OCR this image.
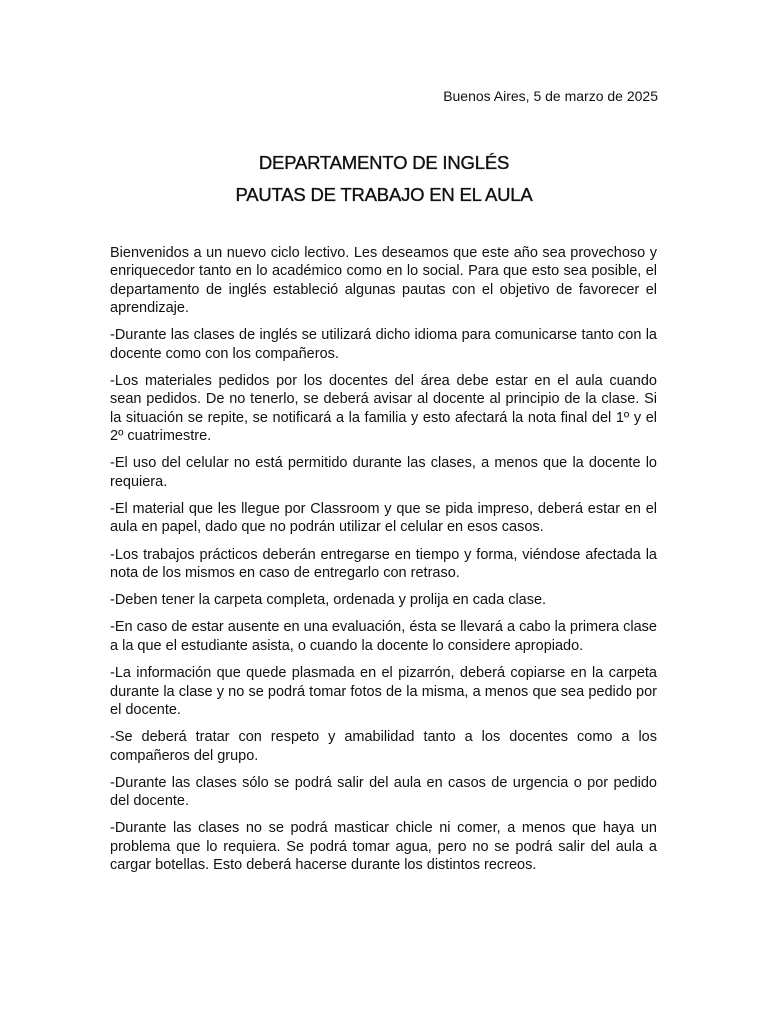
Buenos Aires, 5 de marzo de 2025
DEPARTAMENTO DE INGLÉS
PAUTAS DE TRABAJO EN EL AULA

Bienvenidos a un nuevo ciclo lectivo. Les deseamos que este año sea provechoso y enriquecedor tanto en lo académico como en lo social. Para que esto sea posible, el departamento de inglés estableció algunas pautas con el objetivo de favorecer el aprendizaje.

-Durante las clases de inglés se utilizará dicho idioma para comunicarse tanto con la docente como con los compañeros.

-Los materiales pedidos por los docentes del área debe estar en el aula cuando sean pedidos. De no tenerlo, se deberá avisar al docente al principio de la clase. Si la situación se repite, se notificará a la familia y esto afectará la nota final del 1º y el 2º cuatrimestre.

-El uso del celular no está permitido durante las clases, a menos que la docente lo requiera.

-El material que les llegue por Classroom y que se pida impreso, deberá estar en el aula en papel, dado que no podrán utilizar el celular en esos casos.

-Los trabajos prácticos deberán entregarse en tiempo y forma, viéndose afectada la nota de los mismos en caso de entregarlo con retraso.

-Deben tener la carpeta completa, ordenada y prolija en cada clase.

-En caso de estar ausente en una evaluación, ésta se llevará a cabo la primera clase a la que el estudiante asista, o cuando la docente lo considere apropiado.

-La información que quede plasmada en el pizarrón, deberá copiarse en la carpeta durante la clase y no se podrá tomar fotos de la misma, a menos que sea pedido por el docente.

-Se deberá tratar con respeto y amabilidad tanto a los docentes como a los compañeros del grupo.

-Durante las clases sólo se podrá salir del aula en casos de urgencia o por pedido del docente.

-Durante las clases no se podrá masticar chicle ni comer, a menos que haya un problema que lo requiera. Se podrá tomar agua, pero no se podrá salir del aula a cargar botellas. Esto deberá hacerse durante los distintos recreos.
